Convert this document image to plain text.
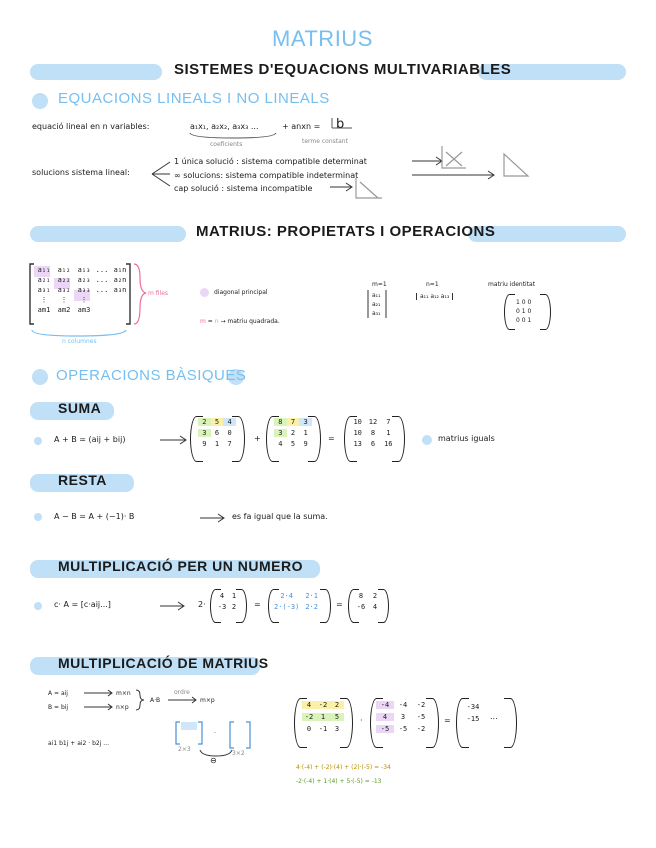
MATRIUS
SISTEMES D'EQUACIONS MULTIVARIABLES
EQUACIONS LINEALS I NO LINEALS
equació lineal en n variables:	a₁x₁, a₂x₂, a₃x₃ ...	+ anxn = b
coeficients	terme constant
solucions sistema lineal:
1 única solució : sistema compatible determinat
∞ solucions: sistema compatible indeterminat
cap solució : sistema incompatible
MATRIUS: PROPIETATS I OPERACIONS
a₁₁	a₁₂	a₁₃ ... a₁n
a₂₁	a₂₂	a₂₃ ... a₂n
a₃₁	a₃₂	a₃₃ ... a₃n
⋮	⋮	⋮
am1	am2	am3
m files
n columnes
diagonal principal
m = n → matriu quadrada.
m=1
a₁₁
a₂₁
a₃₁
n=1
a₁₁ a₁₂ a₁₃
matriu identitat
1 0 0
0 1 0
0 0 1
OPERACIONS BÀSIQUES
SUMA
A + B = (aij + bij)
2	5	4
3	6	0
9	1	7
+
8	7	3
3	2	1
4	5	9
=
10 12	7
10	8	1
13	6	16
matrius iguals
RESTA
A − B = A + (−1)· B	es fa igual que la suma.
MULTIPLICACIÓ PER UN NUMERO
c· A = [c·aij...]	2·
4	1
-3 2	=
2·4	2·1
2·(-3) 2·2	=
8	2
-6	4
MULTIPLICACIÓ DE MATRIUS
A = aij	m×n
B = bij	n×p
A·B
ordre
m×p
·
2×3
3×2
⊖
ai1 b1j + ai2 · b2j ...
4	-2	2
-2	1	5
0	-1	3
·
-4	-4	-2
4	3	-5
-5	-5	-2
=
-34
-15	...
4·(-4) + (-2)·(4) + (2)·(-5) = -34
-2·(-4) + 1·(4) + 5·(-5) = -13
